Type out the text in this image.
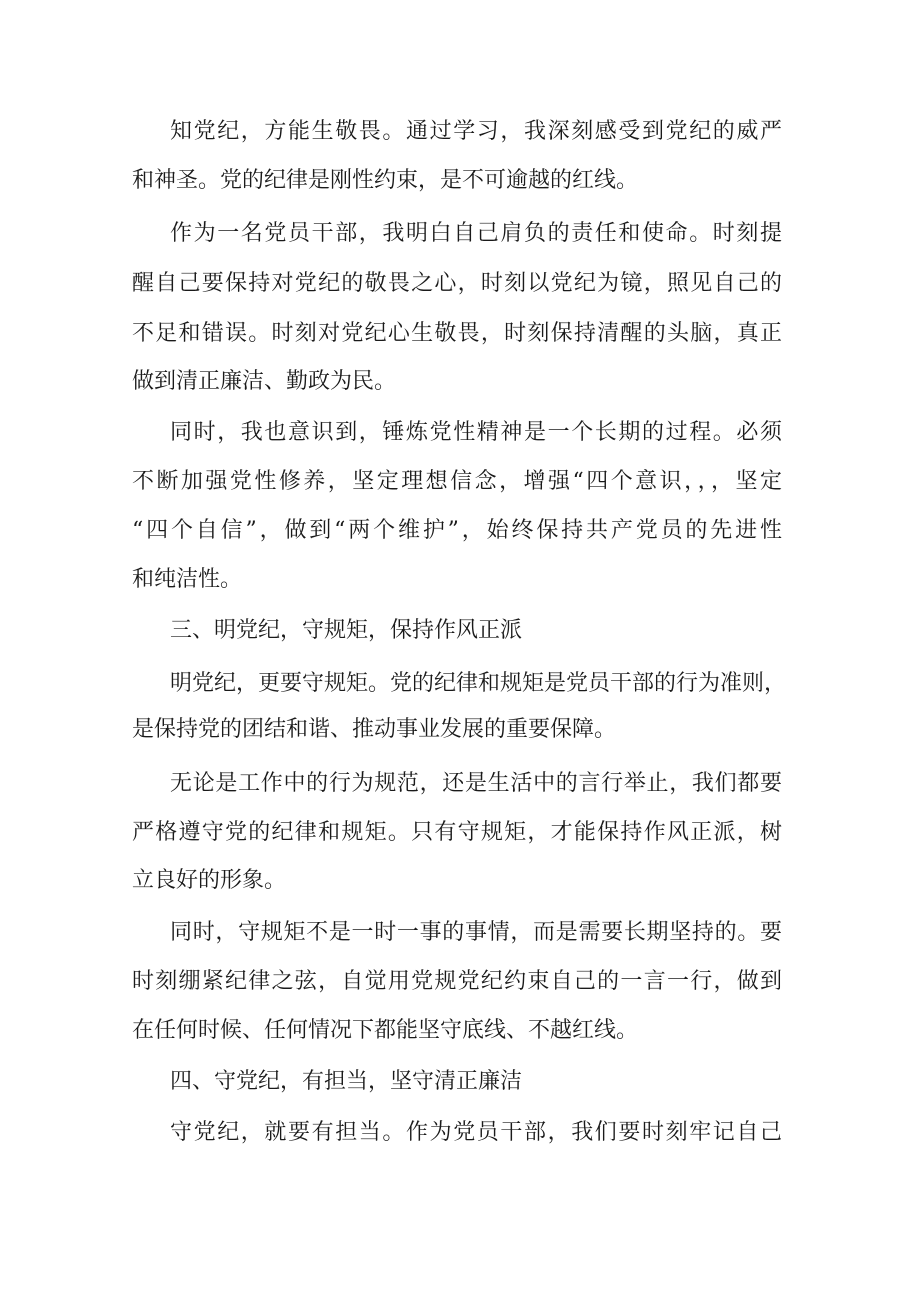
知党纪，方能生敬畏。通过学习，我深刻感受到党纪的威严
和神圣。党的纪律是刚性约束，是不可逾越的红线。
作为一名党员干部，我明白自己肩负的责任和使命。时刻提
醒自己要保持对党纪的敬畏之心，时刻以党纪为镜，照见自己的
不足和错误。时刻对党纪心生敬畏，时刻保持清醒的头脑，真正
做到清正廉洁、勤政为民。
同时，我也意识到，锤炼党性精神是一个长期的过程。必须
不断加强党性修养，坚定理想信念，增强“四个意识，，，坚定
“四个自信”，做到“两个维护”，始终保持共产党员的先进性
和纯洁性。
三、明党纪，守规矩，保持作风正派
明党纪，更要守规矩。党的纪律和规矩是党员干部的行为准则，
是保持党的团结和谐、推动事业发展的重要保障。
无论是工作中的行为规范，还是生活中的言行举止，我们都要
严格遵守党的纪律和规矩。只有守规矩，才能保持作风正派，树
立良好的形象。
同时，守规矩不是一时一事的事情，而是需要长期坚持的。要
时刻绷紧纪律之弦，自觉用党规党纪约束自己的一言一行，做到
在任何时候、任何情况下都能坚守底线、不越红线。
四、守党纪，有担当，坚守清正廉洁
守党纪，就要有担当。作为党员干部，我们要时刻牢记自己
